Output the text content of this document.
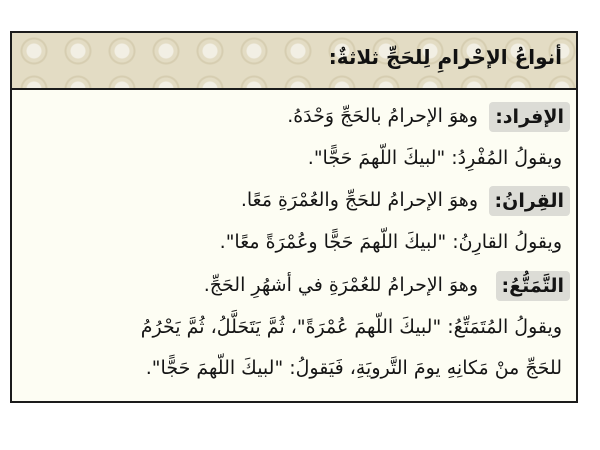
أنواعُ الإحْرامِ لِلحَجِّ ثلاثةٌ:
الإفراد:
وهوَ الإحرامُ بالحَجِّ وَحْدَهُ.
ويقولُ المُفْرِدُ: "لبيكَ اللّهمَ حَجًّا".
القِرانُ:
وهوَ الإحرامُ للحَجِّ والعُمْرَةِ مَعًا.
ويقولُ القارِنُ: "لبيكَ اللّهمَ حَجًّا وعُمْرَةً معًا".
التَّمَتُّعُ:
وهوَ الإحرامُ للعُمْرَةِ في أشهُرِ الحَجِّ.
ويقولُ المُتَمَتِّعُ: "لبيكَ اللّهمَ عُمْرَةً"، ثُمَّ يَتَحَلَّلُ، ثُمَّ يَحْرُمُ
للحَجِّ منْ مَكانِهِ يومَ التَّرويَةِ، فَيَقولُ: "لبيكَ اللّهمَ حَجًّا".
